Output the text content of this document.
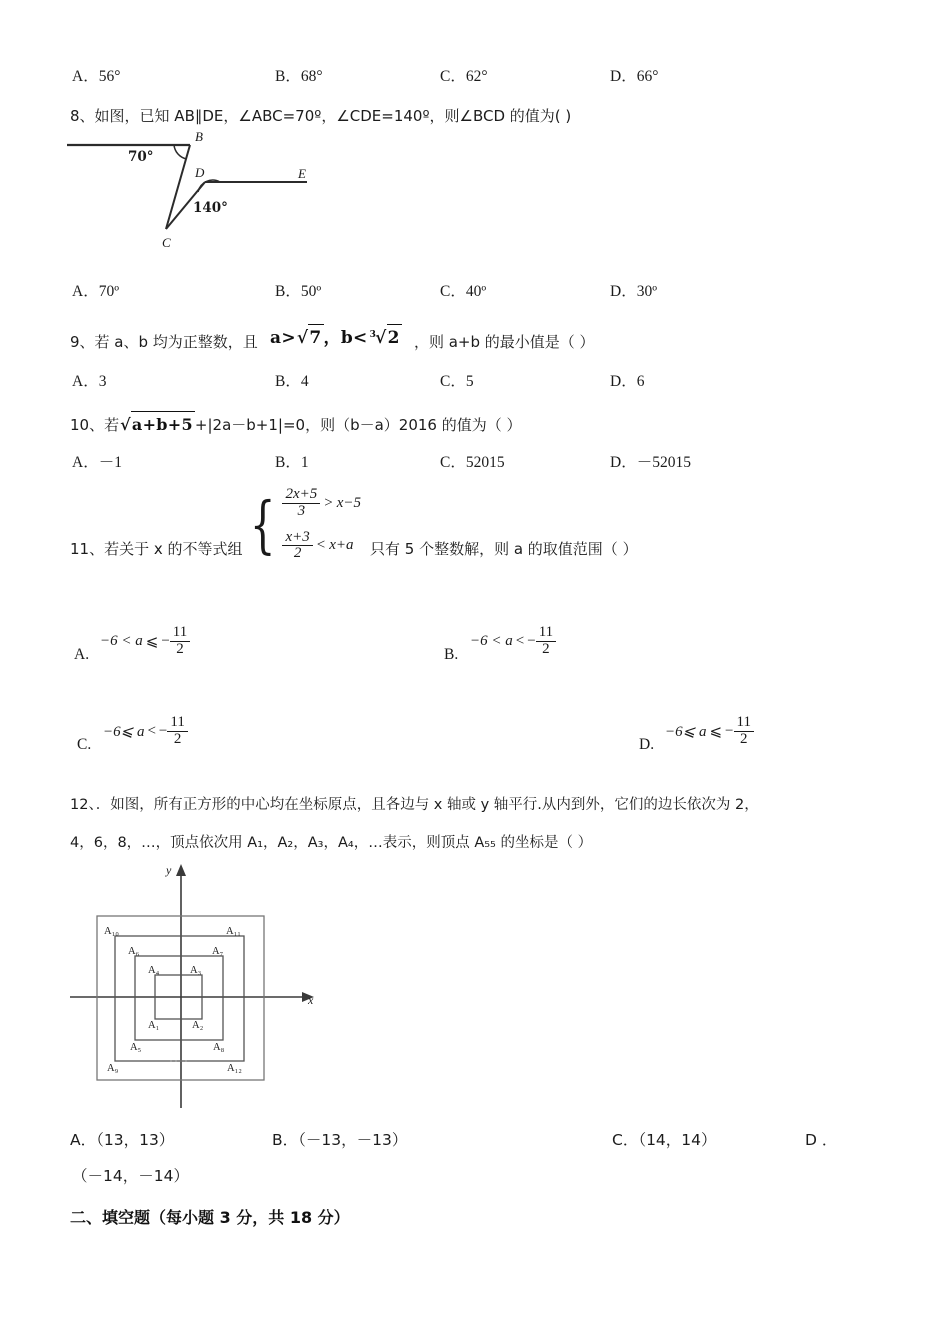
A．56°	B．68°	C．62°	D．66°
8、如图，已知 AB∥DE，∠ABC=70º，∠CDE=140º，则∠BCD 的值为( )
B
C
D	E
70°
140°
A．70º	B．50º	C．40º	D．30º
9、若 a、b 均为正整数，且 a>√7 ，b< $^3$√2 ，则 a+b 的最小值是（ ）
A．3	B．4	C．5	D．6
10、若√a+b+5 +|2a－b+1|=0，则（b－a）2016 的值为（ ）
A．－1	B．1	C．52015	D．－52015
11、若关于 x 的不等式组 { $\frac{2x+5}{3} > x-5$
$\frac{x+3}{2} < x+a$ 只有 5 个整数解，则 a 的取值范围（ ）
A.
−6 < a ⩽ − $\frac{11}{2}$	B.
−6 < a < − $\frac{11}{2}$
C.
−6⩽ a < − $\frac{11}{2}$	D.
−6⩽ a ⩽ − $\frac{11}{2}$
12、．如图，所有正方形的中心均在坐标原点，且各边与 x 轴或 y 轴平行.从内到外，它们的边长依次为 2，
4，6，8，…，顶点依次用 A₁，A₂，A₃，A₄，…表示，则顶点 A₅₅ 的坐标是（ ）
y
x
A₁	A₂
A₃
A₄
A₅
A₆	A₇
A₈
A₉
A₁₀	A₁₁
A₁₂
A．（13，13）	B．（－13，－13）	C．（14，14）	D ．
（－14，－14）
二、填空题（每小题 3 分，共 18 分）
